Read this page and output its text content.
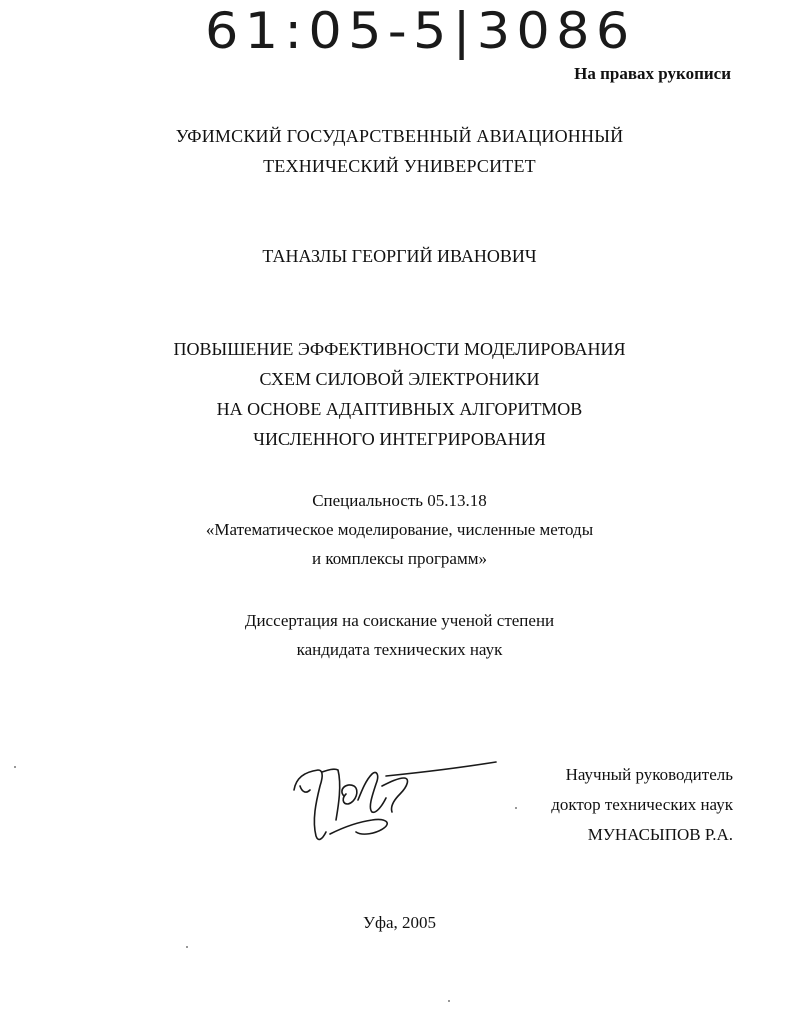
61:05-5|3086
На правах рукописи
УФИМСКИЙ ГОСУДАРСТВЕННЫЙ АВИАЦИОННЫЙ
ТЕХНИЧЕСКИЙ УНИВЕРСИТЕТ
ТАНАЗЛЫ ГЕОРГИЙ ИВАНОВИЧ
ПОВЫШЕНИЕ ЭФФЕКТИВНОСТИ МОДЕЛИРОВАНИЯ
СХЕМ СИЛОВОЙ ЭЛЕКТРОНИКИ
НА ОСНОВЕ АДАПТИВНЫХ АЛГОРИТМОВ
ЧИСЛЕННОГО ИНТЕГРИРОВАНИЯ
Специальность 05.13.18
«Математическое моделирование, численные методы
и комплексы программ»
Диссертация на соискание ученой степени
кандидата технических наук
Научный руководитель
доктор технических наук
МУНАСЫПОВ Р.А.
Уфа, 2005
